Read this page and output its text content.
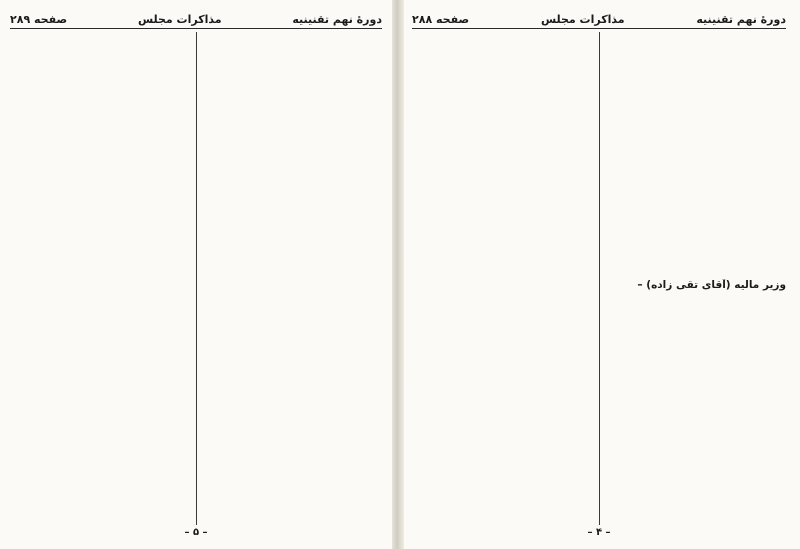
دورهٔ نهم تقنینیه
مذاکرات مجلس
صفحه ۲۸۹
– ۵ –
دورهٔ نهم تقنینیه
مذاکرات مجلس
صفحه ۲۸۸
وزیر مالیه (آقای تقی زاده) –
– ۴ –
